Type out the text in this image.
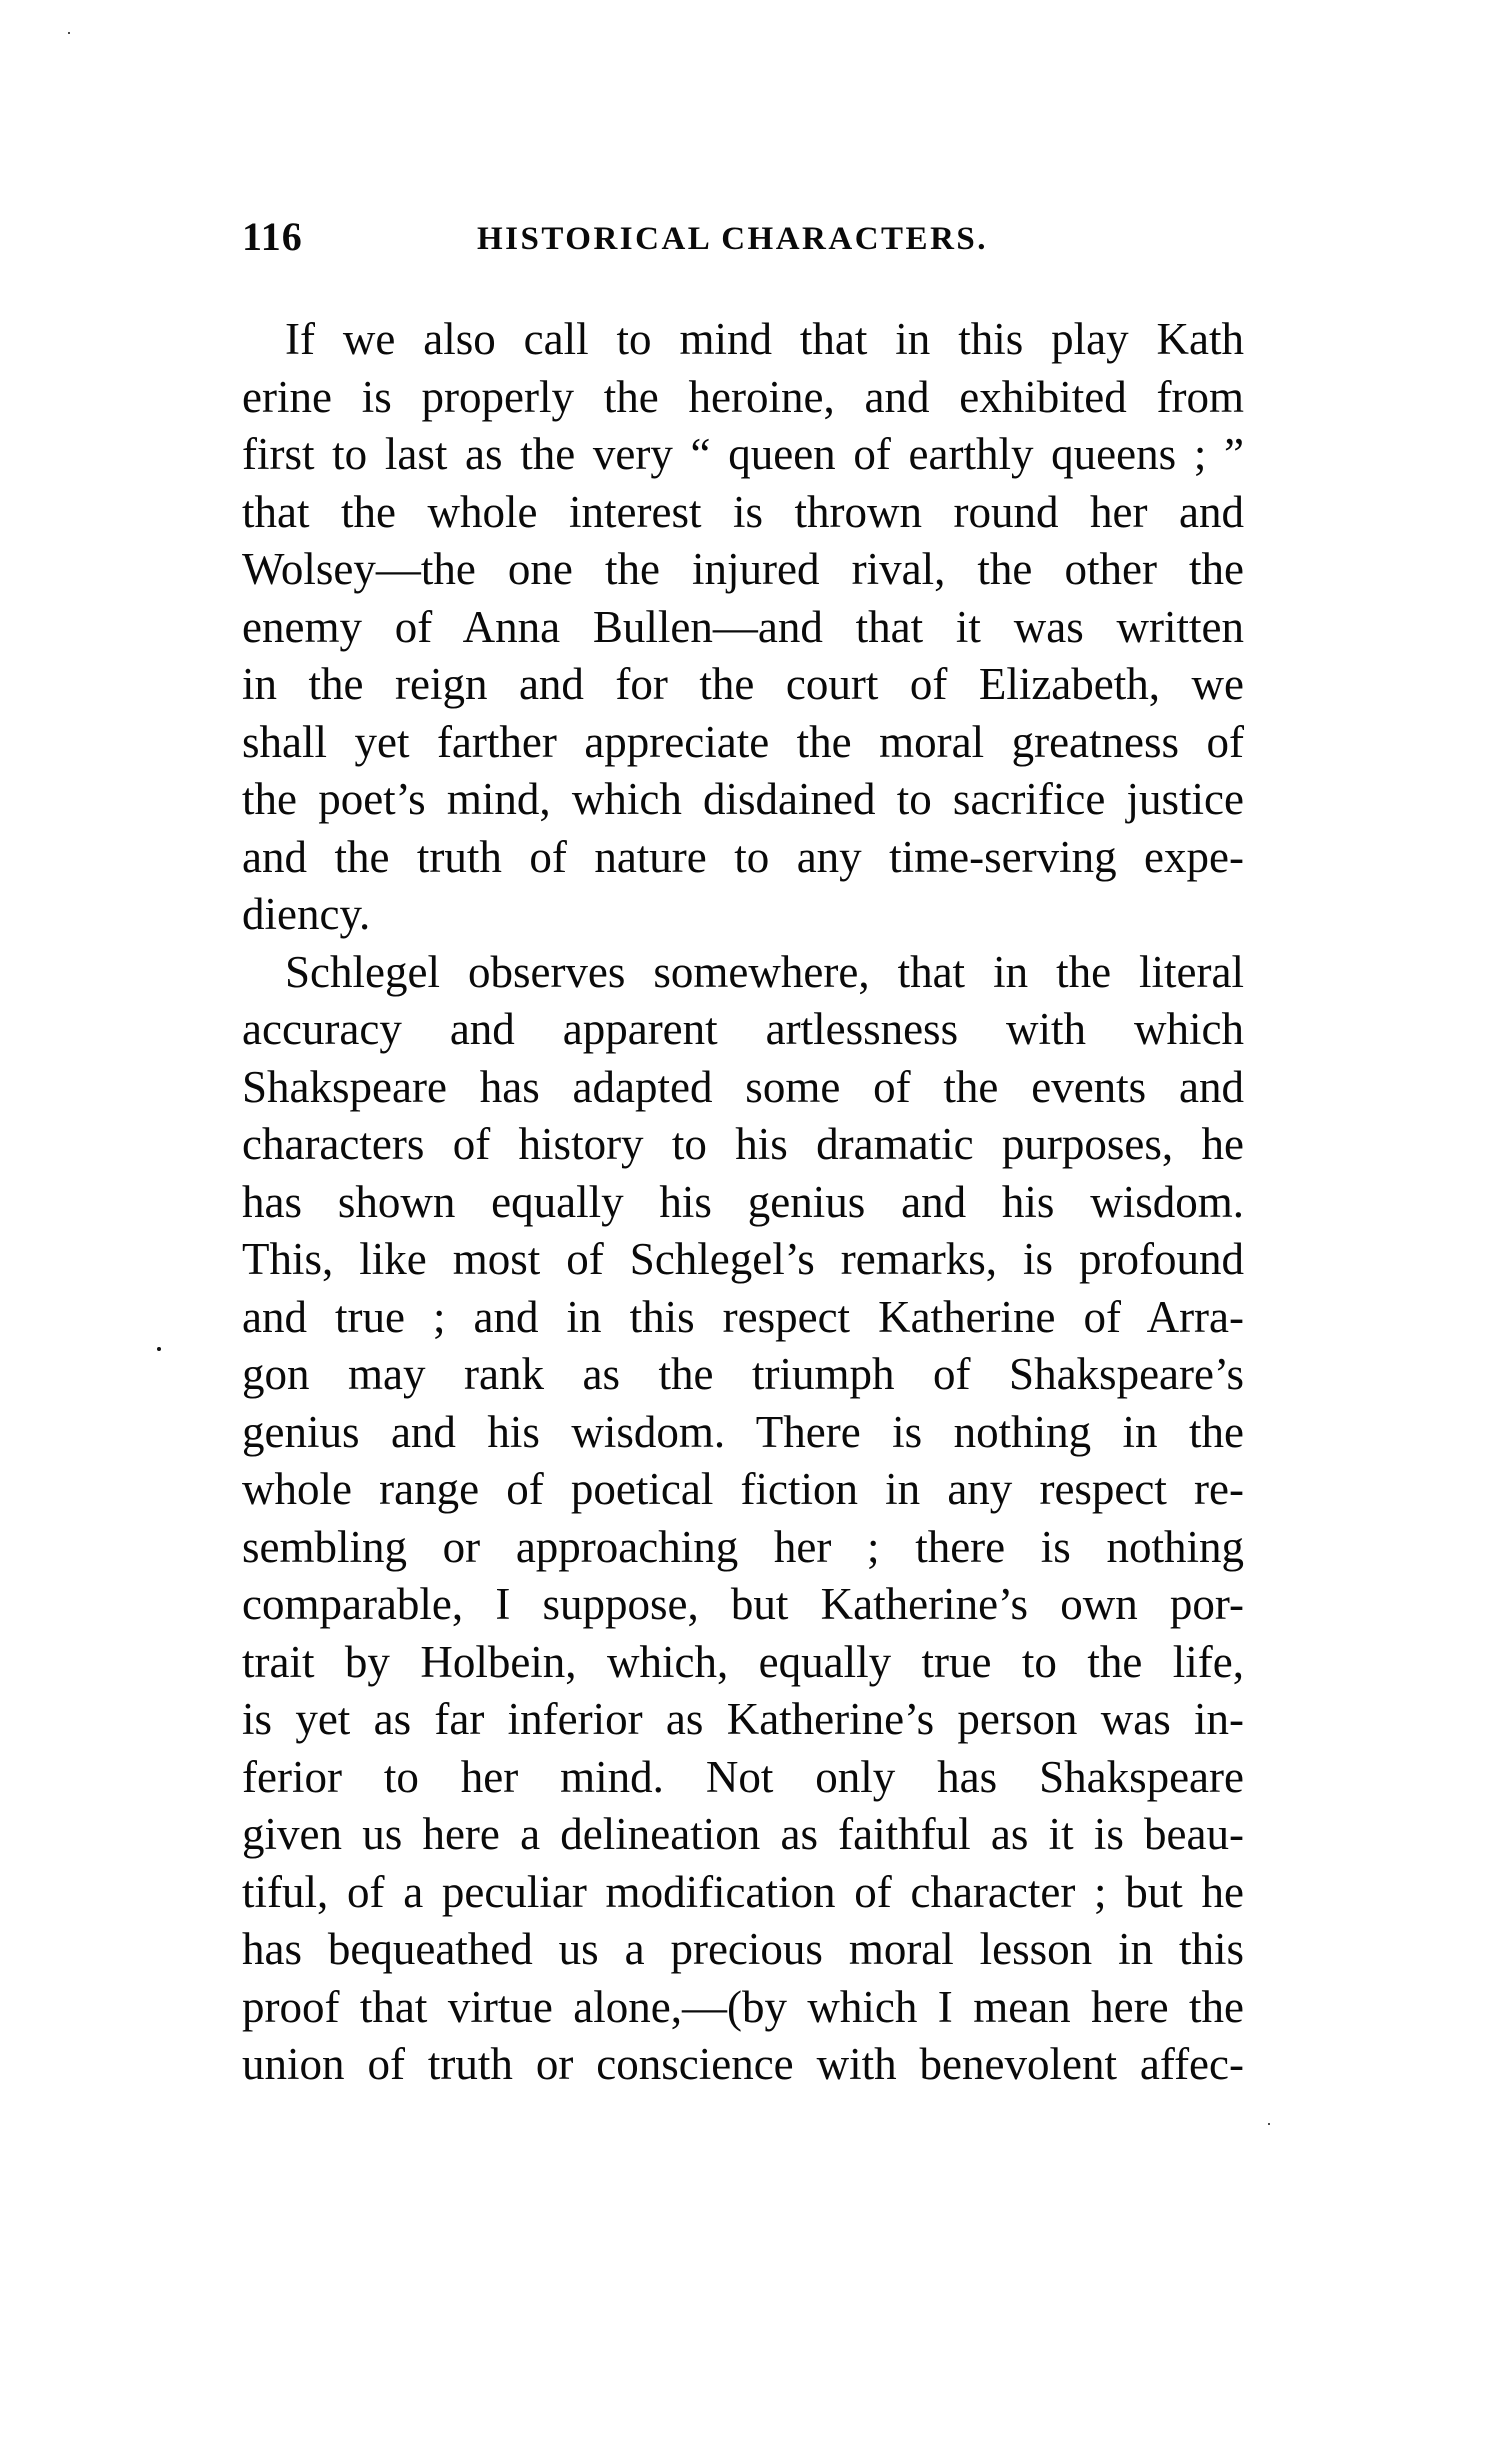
116	HISTORICAL CHARACTERS.
If we also call to mind that in this play Kath
erine is properly the heroine, and exhibited from
first to last as the very “ queen of earthly queens ; ”
that the whole interest is thrown round her and
Wolsey—the one the injured rival, the other the
enemy of Anna Bullen—and that it was written
in the reign and for the court of Elizabeth, we
shall yet farther appreciate the moral greatness of
the poet’s mind, which disdained to sacrifice justice
and the truth of nature to any time-serving expe-
diency.
Schlegel observes somewhere, that in the literal
accuracy and apparent artlessness with which
Shakspeare has adapted some of the events and
characters of history to his dramatic purposes, he
has shown equally his genius and his wisdom.
This, like most of Schlegel’s remarks, is profound
and true ; and in this respect Katherine of Arra-
gon may rank as the triumph of Shakspeare’s
genius and his wisdom. There is nothing in the
whole range of poetical fiction in any respect re-
sembling or approaching her ; there is nothing
comparable, I suppose, but Katherine’s own por-
trait by Holbein, which, equally true to the life,
is yet as far inferior as Katherine’s person was in-
ferior to her mind. Not only has Shakspeare
given us here a delineation as faithful as it is beau-
tiful, of a peculiar modification of character ; but he
has bequeathed us a precious moral lesson in this
proof that virtue alone,—(by which I mean here the
union of truth or conscience with benevolent affec-
